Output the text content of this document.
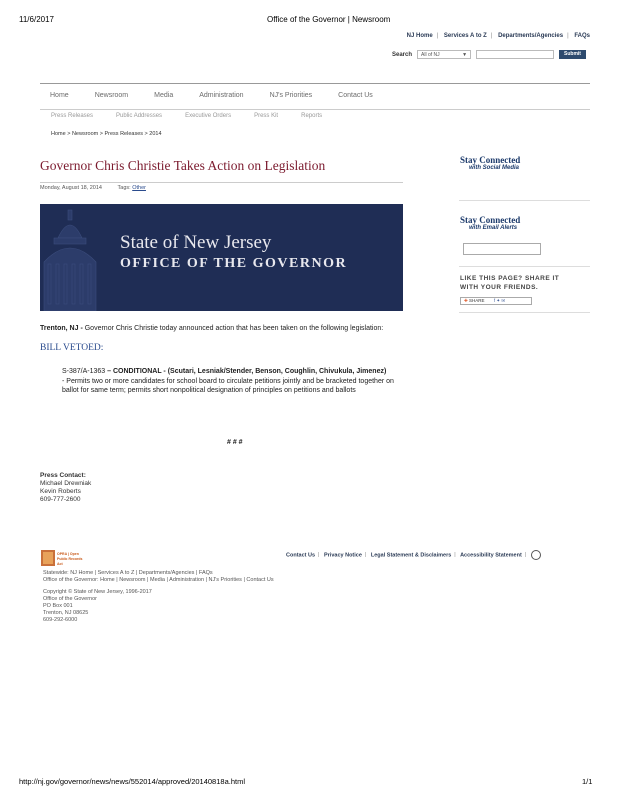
11/6/2017	Office of the Governor | Newsroom
NJ Home | Services A to Z | Departments/Agencies | FAQs
Search	All of NJ	▼	Submit
Home	Newsroom	Media	Administration	NJ's Priorities	Contact Us
Press Releases	Public Addresses	Executive Orders	Press Kit	Reports
Home > Newsroom > Press Releases > 2014
Governor Chris Christie Takes Action on Legislation
Monday, August 18, 2014	Tags: Other
State of New Jersey
OFFICE OF THE GOVERNOR
Trenton, NJ - Governor Chris Christie today announced action that has been taken on the following legislation:
BILL VETOED:
S-387/A-1363 – CONDITIONAL - (Scutari, Lesniak/Stender, Benson, Coughlin, Chivukula, Jimenez)
- Permits two or more candidates for school board to circulate petitions jointly and be bracketed together on ballot for same term; permits short nonpolitical designation of principles on petitions and ballots
# # #
Press Contact:
Michael Drewniak
Kevin Roberts
609-777-2600
Stay Connected
with Social Media
Stay Connected
with Email Alerts
LIKE THIS PAGE? SHARE IT
WITH YOUR FRIENDS.
✚ SHARE f ✦ ✉
OPRA | Open Public Records Act
Contact Us | Privacy Notice | Legal Statement & Disclaimers | Accessibility Statement |
Statewide: NJ Home | Services A to Z | Departments/Agencies | FAQs
Office of the Governor: Home | Newsroom | Media | Administration | NJ's Priorities | Contact Us
Copyright © State of New Jersey, 1996-2017
Office of the Governor
PO Box 001
Trenton, NJ 08625
609-292-6000
http://nj.gov/governor/news/news/552014/approved/20140818a.html	1/1
